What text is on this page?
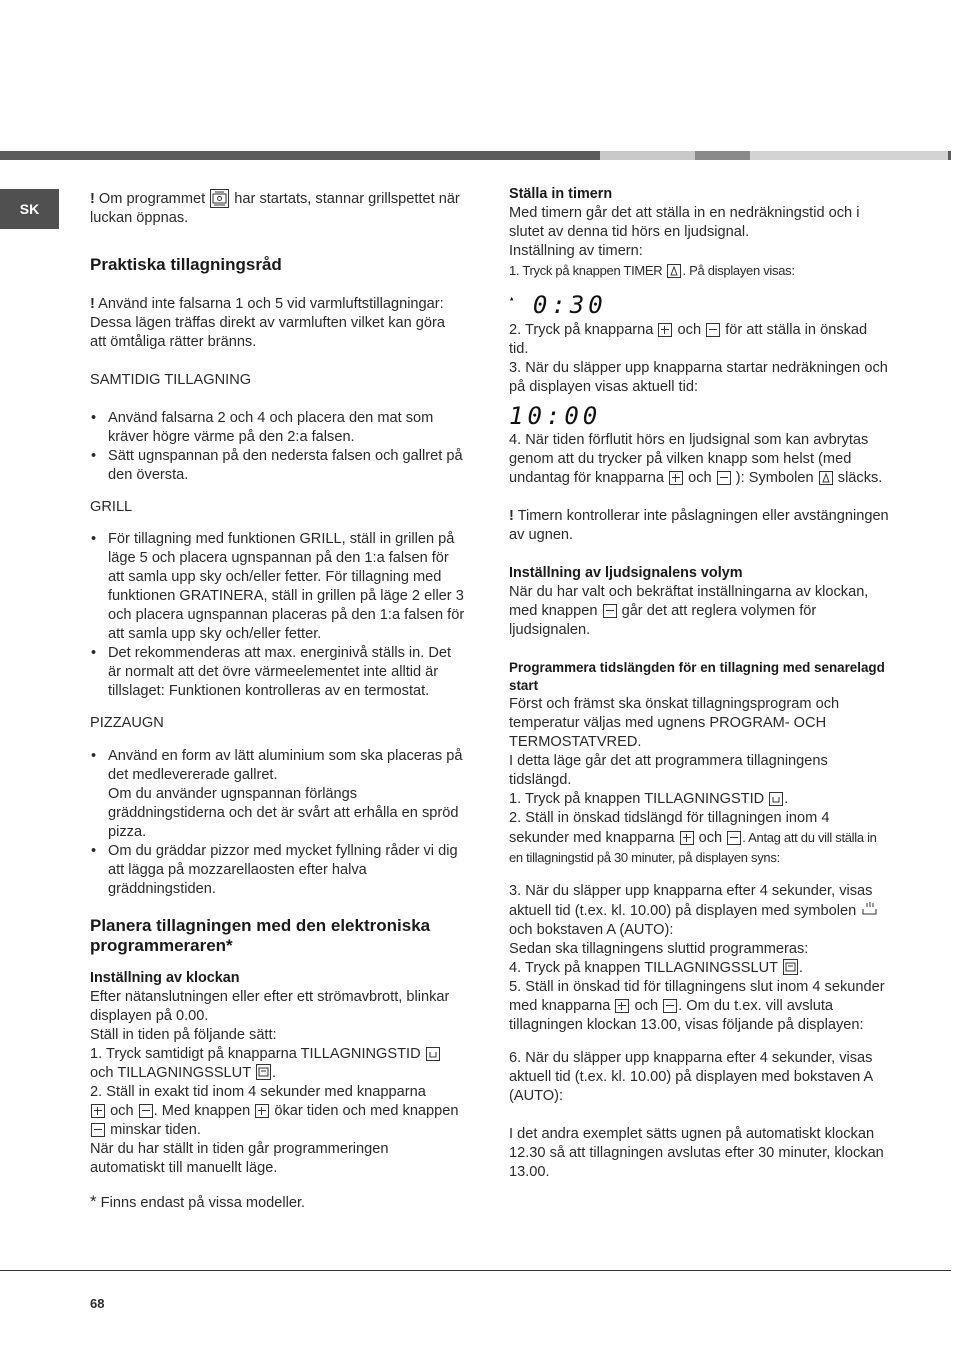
SK

! Om programmet har startats, stannar grillspettet när luckan öppnas.

Praktiska tillagningsråd

! Använd inte falsarna 1 och 5 vid varmluftstillagningar: Dessa lägen träffas direkt av varmluften vilket kan göra att ömtåliga rätter bränns.

SAMTIDIG TILLAGNING

• Använd falsarna 2 och 4 och placera den mat som kräver högre värme på den 2:a falsen.
• Sätt ugnspannan på den nedersta falsen och gallret på den översta.

GRILL

• För tillagning med funktionen GRILL, ställ in grillen på läge 5 och placera ugnspannan på den 1:a falsen för att samla upp sky och/eller fetter. För tillagning med funktionen GRATINERA, ställ in grillen på läge 2 eller 3 och placera ugnspannan placeras på den 1:a falsen för att samla upp sky och/eller fetter.
• Det rekommenderas att max. energinivå ställs in. Det är normalt att det övre värmeelementet inte alltid är tillslaget: Funktionen kontrolleras av en termostat.

PIZZAUGN

• Använd en form av lätt aluminium som ska placeras på det medlevererade gallret.
Om du använder ugnspannan förlängs gräddningstiderna och det är svårt att erhålla en spröd pizza.
• Om du gräddar pizzor med mycket fyllning råder vi dig att lägga på mozzarellaosten efter halva gräddningstiden.

Planera tillagningen med den elektroniska programmeraren*

Inställning av klockan

Efter nätanslutningen eller efter ett strömavbrott, blinkar displayen på 0.00.
Ställ in tiden på följande sätt:
1. Tryck samtidigt på knapparna TILLAGNINGSTID

och TILLAGNINGSSLUT .
2. Ställ in exakt tid inom 4 sekunder med knapparna
och . Med knappen ökar tiden och med knappen  minskar tiden.
När du har ställt in tiden går programmeringen automatiskt till manuellt läge.

* Finns endast på vissa modeller.

Ställa in timern

Med timern går det att ställa in en nedräkningstid och i slutet av denna tid hörs en ljudsignal.
Inställning av timern:
1. Tryck på knappen TIMER . På displayen visas:

▴ 0:30

2. Tryck på knapparna och för att ställa in önskad tid.
3. När du släpper upp knapparna startar nedräkningen och på displayen visas aktuell tid:

10:00

4. När tiden förflutit hörs en ljudsignal som kan avbrytas genom att du trycker på vilken knapp som helst (med undantag för knapparna och ): Symbolen släcks.

! Timern kontrollerar inte påslagningen eller avstängningen av ugnen.

Inställning av ljudsignalens volym

När du har valt och bekräftat inställningarna av klockan, med knappen går det att reglera volymen för ljudsignalen.

Programmera tidslängden för en tillagning med senarelagd start

Först och främst ska önskat tillagningsprogram och temperatur väljas med ugnens PROGRAM- OCH TERMOSTATVRED.
I detta läge går det att programmera tillagningens tidslängd.
1. Tryck på knappen TILLAGNINGSTID .
2. Ställ in önskad tidslängd för tillagningen inom 4 sekunder med knapparna och . Antag att du vill ställa in en tillagningstid på 30 minuter, på displayen syns:

3. När du släpper upp knapparna efter 4 sekunder, visas aktuell tid (t.ex. kl. 10.00) på displayen med symbolen  och bokstaven A (AUTO):
Sedan ska tillagningens sluttid programmeras:
4. Tryck på knappen TILLAGNINGSSLUT .
5. Ställ in önskad tid för tillagningens slut inom 4 sekunder med knapparna och . Om du t.ex. vill avsluta tillagningen klockan 13.00, visas följande på displayen:

6. När du släpper upp knapparna efter 4 sekunder, visas aktuell tid (t.ex. kl. 10.00) på displayen med bokstaven A (AUTO):

I det andra exemplet sätts ugnen på automatiskt klockan 12.30 så att tillagningen avslutas efter 30 minuter, klockan 13.00.

68
